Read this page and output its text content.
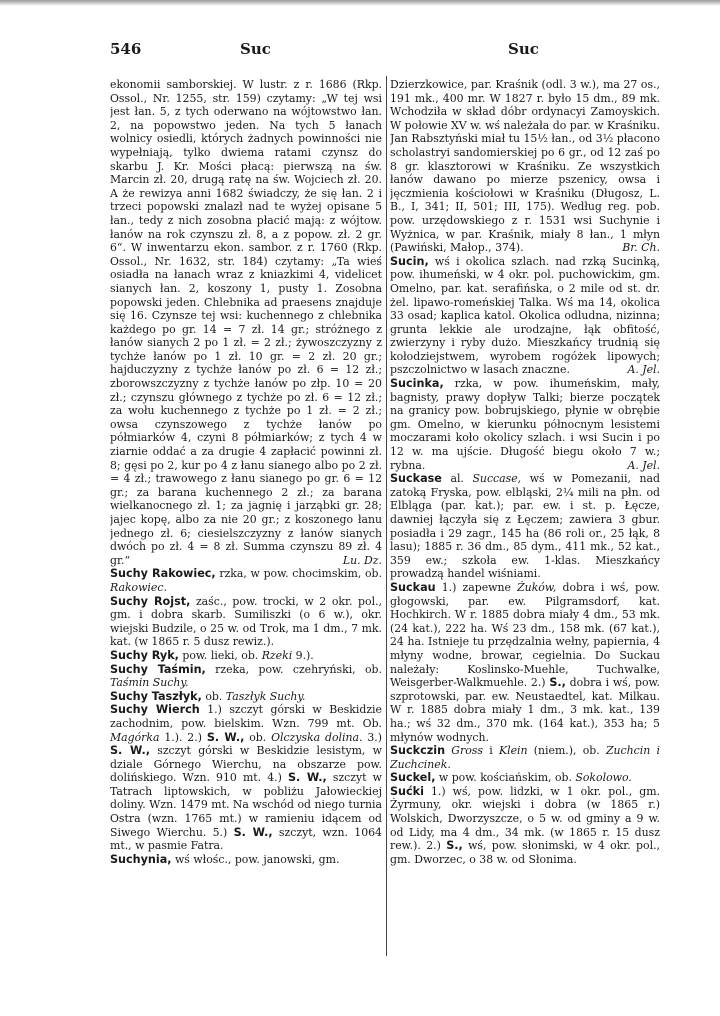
546	Suc	Suc

ekonomii samborskiej. W lustr. z r. 1686 (Rkp. Ossol., Nr. 1255, str. 159) czytamy: „W tej wsi jest łan. 5, z tych oderwano na wójtowstwo łan. 2, na popowstwo jeden. Na tych 5 łanach wolnicy osiedli, których żadnych powinności nie wypełniają, tylko dwiema ratami czynsz do skarbu J. Kr. Mości płacą: pierwszą na św. Marcin zł. 20, drugą ratę na św. Wojciech zł. 20. A że rewizya anni 1682 świadczy, że się łan. 2 i trzeci popowski znalazł nad te wyżej opisane 5 łan., tedy z nich zosobna płacić mają: z wójtow. łanów na rok czynszu zł. 8, a z popow. zł. 2 gr. 6“. W inwentarzu ekon. sambor. z r. 1760 (Rkp. Ossol., Nr. 1632, str. 184) czytamy: „Ta wieś osiadła na łanach wraz z kniazkimi 4, videlicet sianych łan. 2, koszony 1, pusty 1. Zosobna popowski jeden. Chlebnika ad praesens znajduje się 16. Czynsze tej wsi: kuchennego z chlebnika każdego po gr. 14 = 7 zł. 14 gr.; stróżnego z łanów sianych 2 po 1 zł. = 2 zł.; żywoszczyzny z tychże łanów po 1 zł. 10 gr. = 2 zł. 20 gr.; hajduczyzny z tychże łanów po zł. 6 = 12 zł.; zborowszczyzny z tychże łanów po złp. 10 = 20 zł.; czynszu głównego z tychże po zł. 6 = 12 zł.; za wołu kuchennego z tychże po 1 zł. = 2 zł.; owsa czynszowego z tychże łanów po półmiarków 4, czyni 8 półmiarków; z tych 4 w ziarnie oddać a za drugie 4 zapłacić powinni zł. 8; gęsi po 2, kur po 4 z łanu sianego albo po 2 zł. = 4 zł.; trawowego z łanu sianego po gr. 6 = 12 gr.; za barana kuchennego 2 zł.; za barana wielkanocnego zł. 1; za jagnię i jarząbki gr. 28; jajec kopę, albo za nie 20 gr.; z koszonego łanu jednego zł. 6; ciesielszczyzny z łanów sianych dwóch po zł. 4 = 8 zł. Summa czynszu 89 zł. 4 gr.“	Lu. Dz.

Suchy Rakowiec, rzka, w pow. chocimskim, ob. Rakowiec.

Suchy Rojst, zaśc., pow. trocki, w 2 okr. pol., gm. i dobra skarb. Sumiliszki (o 6 w.), okr. wiejski Budzile, o 25 w. od Trok, ma 1 dm., 7 mk. kat. (w 1865 r. 5 dusz rewiz.).

Suchy Ryk, pow. lieki, ob. Rzeki 9.).

Suchy Taśmin, rzeka, pow. czehryński, ob. Taśmin Suchy.

Suchy Taszłyk, ob. Taszłyk Suchy.

Suchy Wierch 1.) szczyt górski w Beskidzie zachodnim, pow. bielskim. Wzn. 799 mt. Ob. Magórka 1.). 2.) S. W., ob. Olczyska dolina. 3.) S. W., szczyt górski w Beskidzie lesistym, w dziale Górnego Wierchu, na obszarze pow. dolińskiego. Wzn. 910 mt. 4.) S. W., szczyt w Tatrach liptowskich, w pobliżu Jałowieckiej doliny. Wzn. 1479 mt. Na wschód od niego turnia Ostra (wzn. 1765 mt.) w ramieniu idącem od Siwego Wierchu. 5.) S. W., szczyt, wzn. 1064 mt., w pasmie Fatra.

Suchynia, wś włośc., pow. janowski, gm.

Dzierzkowice, par. Kraśnik (odl. 3 w.), ma 27 os., 191 mk., 400 mr. W 1827 r. było 15 dm., 89 mk. Wchodziła w skład dóbr ordynacyi Zamoyskich. W połowie XV w. wś należała do par. w Kraśniku. Jan Rabsztyński miał tu 15½ łan., od 3½ płacono scholastryi sandomierskiej po 6 gr., od 12 zaś po 8 gr. klasztorowi w Kraśniku. Ze wszystkich łanów dawano po mierze pszenicy, owsa i jęczmienia kościołowi w Kraśniku (Długosz, L. B., I, 341; II, 501; III, 175). Według reg. pob. pow. urzędowskiego z r. 1531 wsi Suchynie i Wyżnica, w par. Kraśnik, miały 8 łan., 1 młyn (Pawiński, Małop., 374).	Br. Ch.

Sucin, wś i okolica szlach. nad rzką Sucinką, pow. ihumeński, w 4 okr. pol. puchowickim, gm. Omelno, par. kat. serafińska, o 2 mile od st. dr. żel. lipawo-romeńskiej Talka. Wś ma 14, okolica 33 osad; kaplica katol. Okolica odludna, nizinna; grunta lekkie ale urodzajne, łąk obfitość, zwierzyny i ryby dużo. Mieszkańcy trudnią się kołodziejstwem, wyrobem rogóżek lipowych; pszczolnictwo w lasach znaczne.	A. Jel.

Sucinka, rzka, w pow. ihumeńskim, mały, bagnisty, prawy dopływ Talki; bierze początek na granicy pow. bobrujskiego, płynie w obrębie gm. Omelno, w kierunku północnym lesistemi moczarami koło okolicy szlach. i wsi Sucin i po 12 w. ma ujście. Długość biegu około 7 w.; rybna.	A. Jel.

Suckase al. Succase, wś w Pomezanii, nad zatoką Fryska, pow. elbląski, 2¼ mili na płn. od Elbląga (par. kat.); par. ew. i st. p. Łęcze, dawniej łączyła się z Łęczem; zawiera 3 gbur. posiadła i 29 zagr., 145 ha (86 roli or., 25 łąk, 8 lasu); 1885 r. 36 dm., 85 dym., 411 mk., 52 kat., 359 ew.; szkoła ew. 1-klas. Mieszkańcy prowadzą handel wiśniami.

Suckau 1.) zapewne Żuków, dobra i wś, pow. głogowski, par. ew. Pilgramsdorf, kat. Hochkirch. W r. 1885 dobra miały 4 dm., 53 mk. (24 kat.), 222 ha. Wś 23 dm., 158 mk. (67 kat.), 24 ha. Istnieje tu przędzalnia wełny, papiernia, 4 młyny wodne, browar, cegielnia. Do Suckau należały: Koslinsko-Muehle, Tuchwalke, Weisgerber-Walkmuehle. 2.) S., dobra i wś, pow. szprotowski, par. ew. Neustaedtel, kat. Milkau. W r. 1885 dobra miały 1 dm., 3 mk. kat., 139 ha.; wś 32 dm., 370 mk. (164 kat.), 353 ha; 5 młynów wodnych.

Suckczin Gross i Klein (niem.), ob. Zuchcin i Zuchcinek.

Suckel, w pow. kościańskim, ob. Sokolowo.

Sućki 1.) wś, pow. lidzki, w 1 okr. pol., gm. Żyrmuny, okr. wiejski i dobra (w 1865 r.) Wolskich, Dworzyszcze, o 5 w. od gminy a 9 w. od Lidy, ma 4 dm., 34 mk. (w 1865 r. 15 dusz rew.). 2.) S., wś, pow. słonimski, w 4 okr. pol., gm. Dworzec, o 38 w. od Słonima.
